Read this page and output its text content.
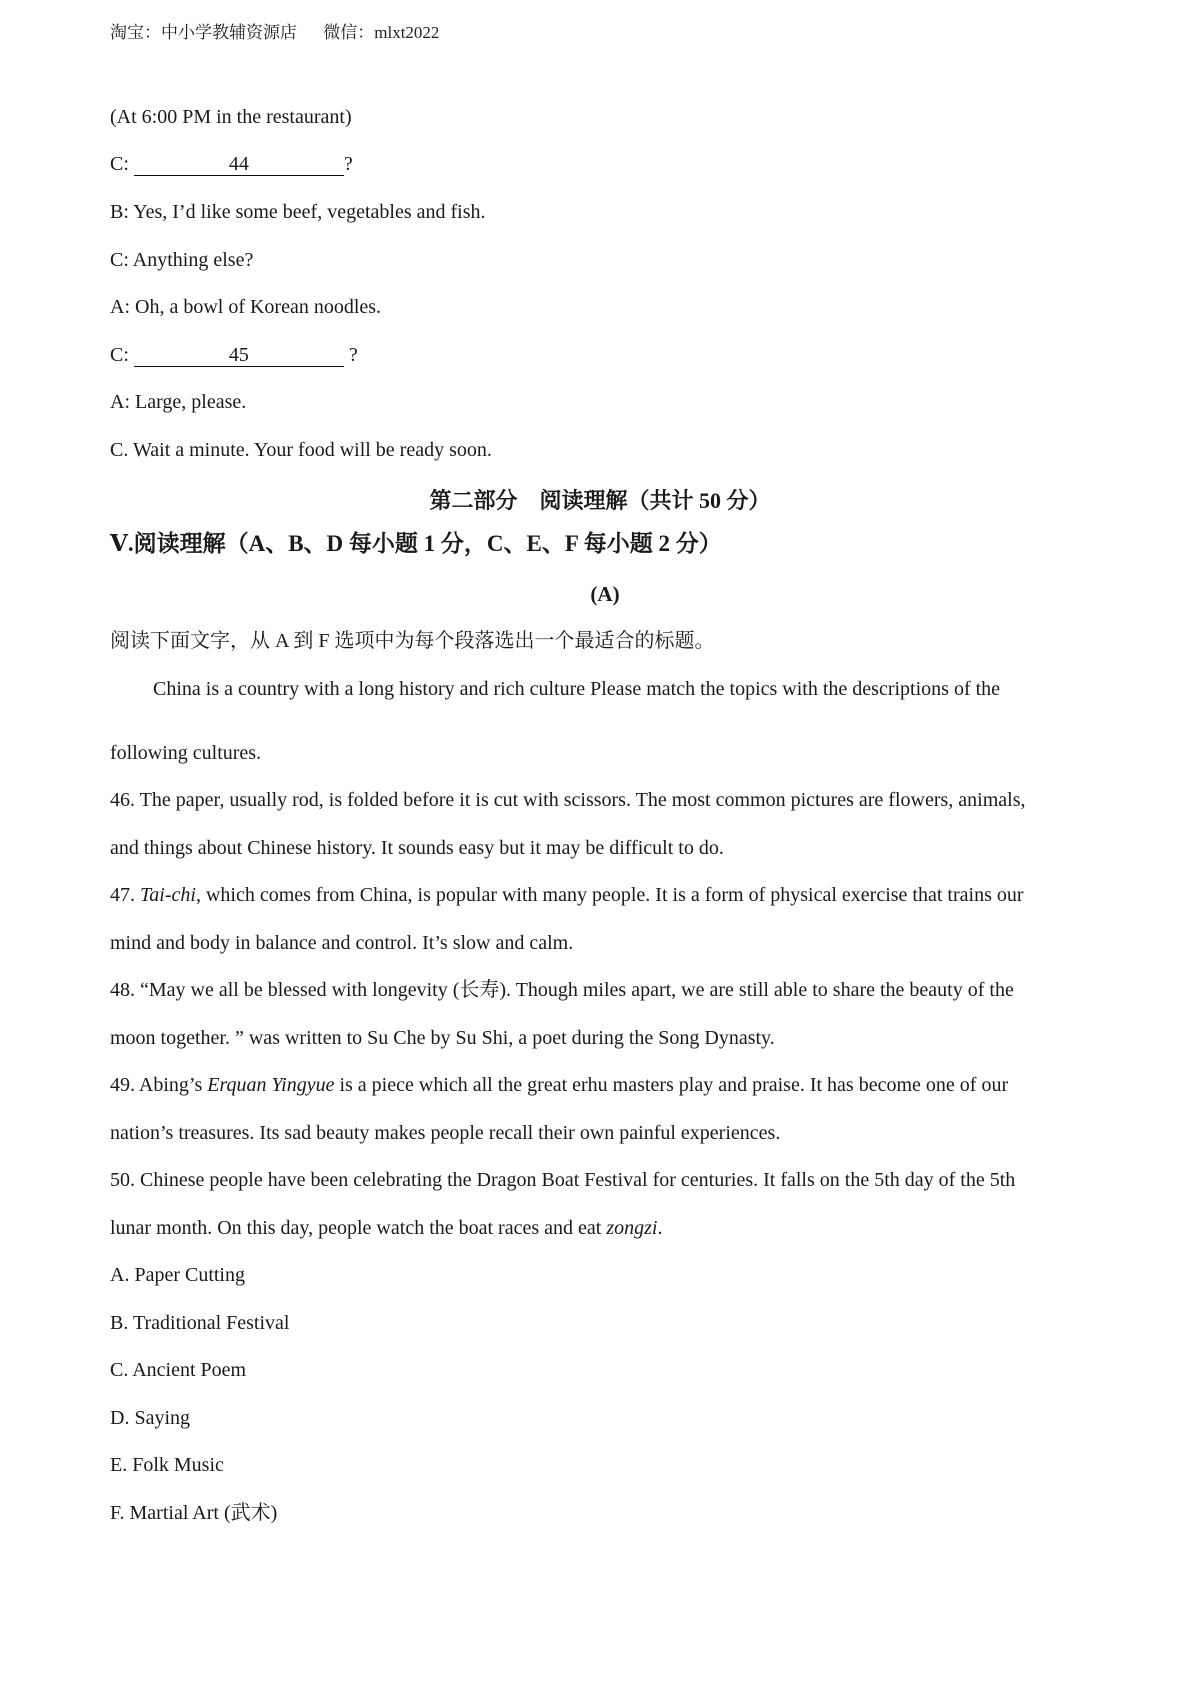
淘宝：中小学教辅资源店 微信：mlxt2022
(At 6:00 PM in the restaurant)
C:	44	?
B: Yes, I’d like some beef, vegetables and fish.
C: Anything else?
A: Oh, a bowl of Korean noodles.
C:	45	?
A: Large, please.
C. Wait a minute. Your food will be ready soon.
第二部分　阅读理解（共计 50 分）
Ⅴ.阅读理解（A、B、D 每小题 1 分，C、E、F 每小题 2 分）
(A)
阅读下面文字，从 A 到 F 选项中为每个段落选出一个最适合的标题。
China is a country with a long history and rich culture Please match the topics with the descriptions of the
following cultures.
46. The paper, usually rod, is folded before it is cut with scissors. The most common pictures are flowers, animals,
and things about Chinese history. It sounds easy but it may be difficult to do.
47. Tai-chi, which comes from China, is popular with many people. It is a form of physical exercise that trains our
mind and body in balance and control. It’s slow and calm.
48. “May we all be blessed with longevity (长寿). Though miles apart, we are still able to share the beauty of the
moon together. ” was written to Su Che by Su Shi, a poet during the Song Dynasty.
49. Abing’s Erquan Yingyue is a piece which all the great erhu masters play and praise. It has become one of our
nation’s treasures. Its sad beauty makes people recall their own painful experiences.
50. Chinese people have been celebrating the Dragon Boat Festival for centuries. It falls on the 5th day of the 5th
lunar month. On this day, people watch the boat races and eat zongzi.
A. Paper Cutting
B. Traditional Festival
C. Ancient Poem
D. Saying
E. Folk Music
F. Martial Art (武术)
